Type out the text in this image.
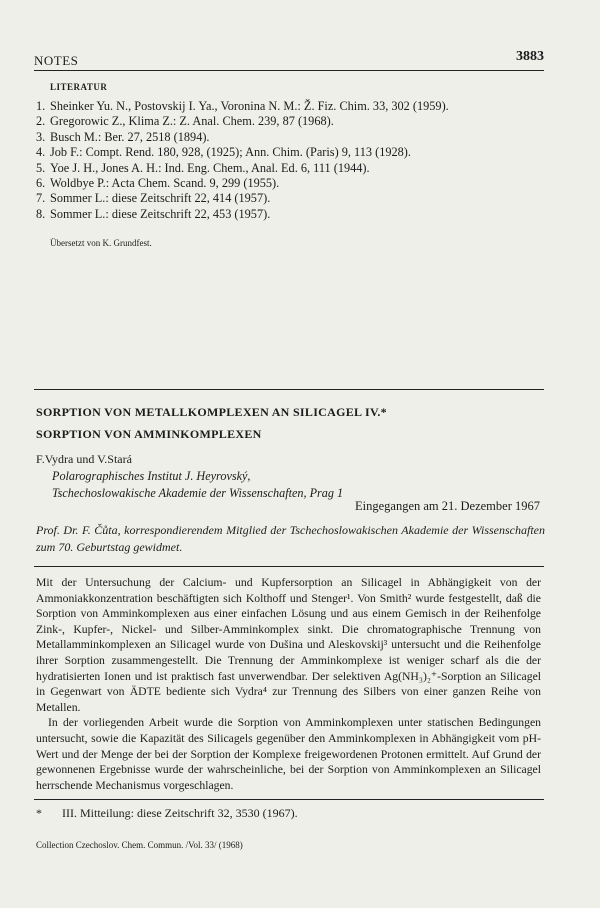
NOTES	3883
LITERATUR
1. Sheinker Yu. N., Postovskij I. Ya., Voronina N. M.: Ž. Fiz. Chim. 33, 302 (1959).
2. Gregorowic Z., Klima Z.: Z. Anal. Chem. 239, 87 (1968).
3. Busch M.: Ber. 27, 2518 (1894).
4. Job F.: Compt. Rend. 180, 928, (1925); Ann. Chim. (Paris) 9, 113 (1928).
5. Yoe J. H., Jones A. H.: Ind. Eng. Chem., Anal. Ed. 6, 111 (1944).
6. Woldbye P.: Acta Chem. Scand. 9, 299 (1955).
7. Sommer L.: diese Zeitschrift 22, 414 (1957).
8. Sommer L.: diese Zeitschrift 22, 453 (1957).
Übersetzt von K. Grundfest.
SORPTION VON METALLKOMPLEXEN AN SILICAGEL IV.*
SORPTION VON AMMINKOMPLEXEN
F.Vydra und V.Stará
Polarographisches Institut J. Heyrovský,
Tschechoslowakische Akademie der Wissenschaften, Prag 1
Eingegangen am 21. Dezember 1967
Prof. Dr. F. Čůta, korrespondierendem Mitglied der Tschechoslowakischen Akademie der Wissenschaften zum 70. Geburtstag gewidmet.

Mit der Untersuchung der Calcium- und Kupfersorption an Silicagel in Abhängigkeit von der Ammoniakkonzentration beschäftigten sich Kolthoff und Stenger¹. Von Smith² wurde festgestellt, daß die Sorption von Amminkomplexen aus einer einfachen Lösung und aus einem Gemisch in der Reihenfolge Zink-, Kupfer-, Nickel- und Silber-Amminkomplex sinkt. Die chromatographische Trennung von Metallamminkomplexen an Silicagel wurde von Dušina und Aleskovskij³ untersucht und die Reihenfolge ihrer Sorption zusammengestellt. Die Trennung der Amminkomplexe ist weniger scharf als die der hydratisierten Ionen und ist praktisch fast unverwendbar. Der selektiven Ag(NH₃)₂⁺-Sorption an Silicagel in Gegenwart von ÄDTE bediente sich Vydra⁴ zur Trennung des Silbers von einer ganzen Reihe von Metallen.

In der vorliegenden Arbeit wurde die Sorption von Amminkomplexen unter statischen Bedingungen untersucht, sowie die Kapazität des Silicagels gegenüber den Amminkomplexen in Abhängigkeit vom pH-Wert und der Menge der bei der Sorption der Komplexe freigewordenen Protonen ermittelt. Auf Grund der gewonnenen Ergebnisse wurde der wahrscheinliche, bei der Sorption von Amminkomplexen an Silicagel herrschende Mechanismus vorgeschlagen.

* III. Mitteilung: diese Zeitschrift 32, 3530 (1967).
Collection Czechoslov. Chem. Commun. /Vol. 33/ (1968)
